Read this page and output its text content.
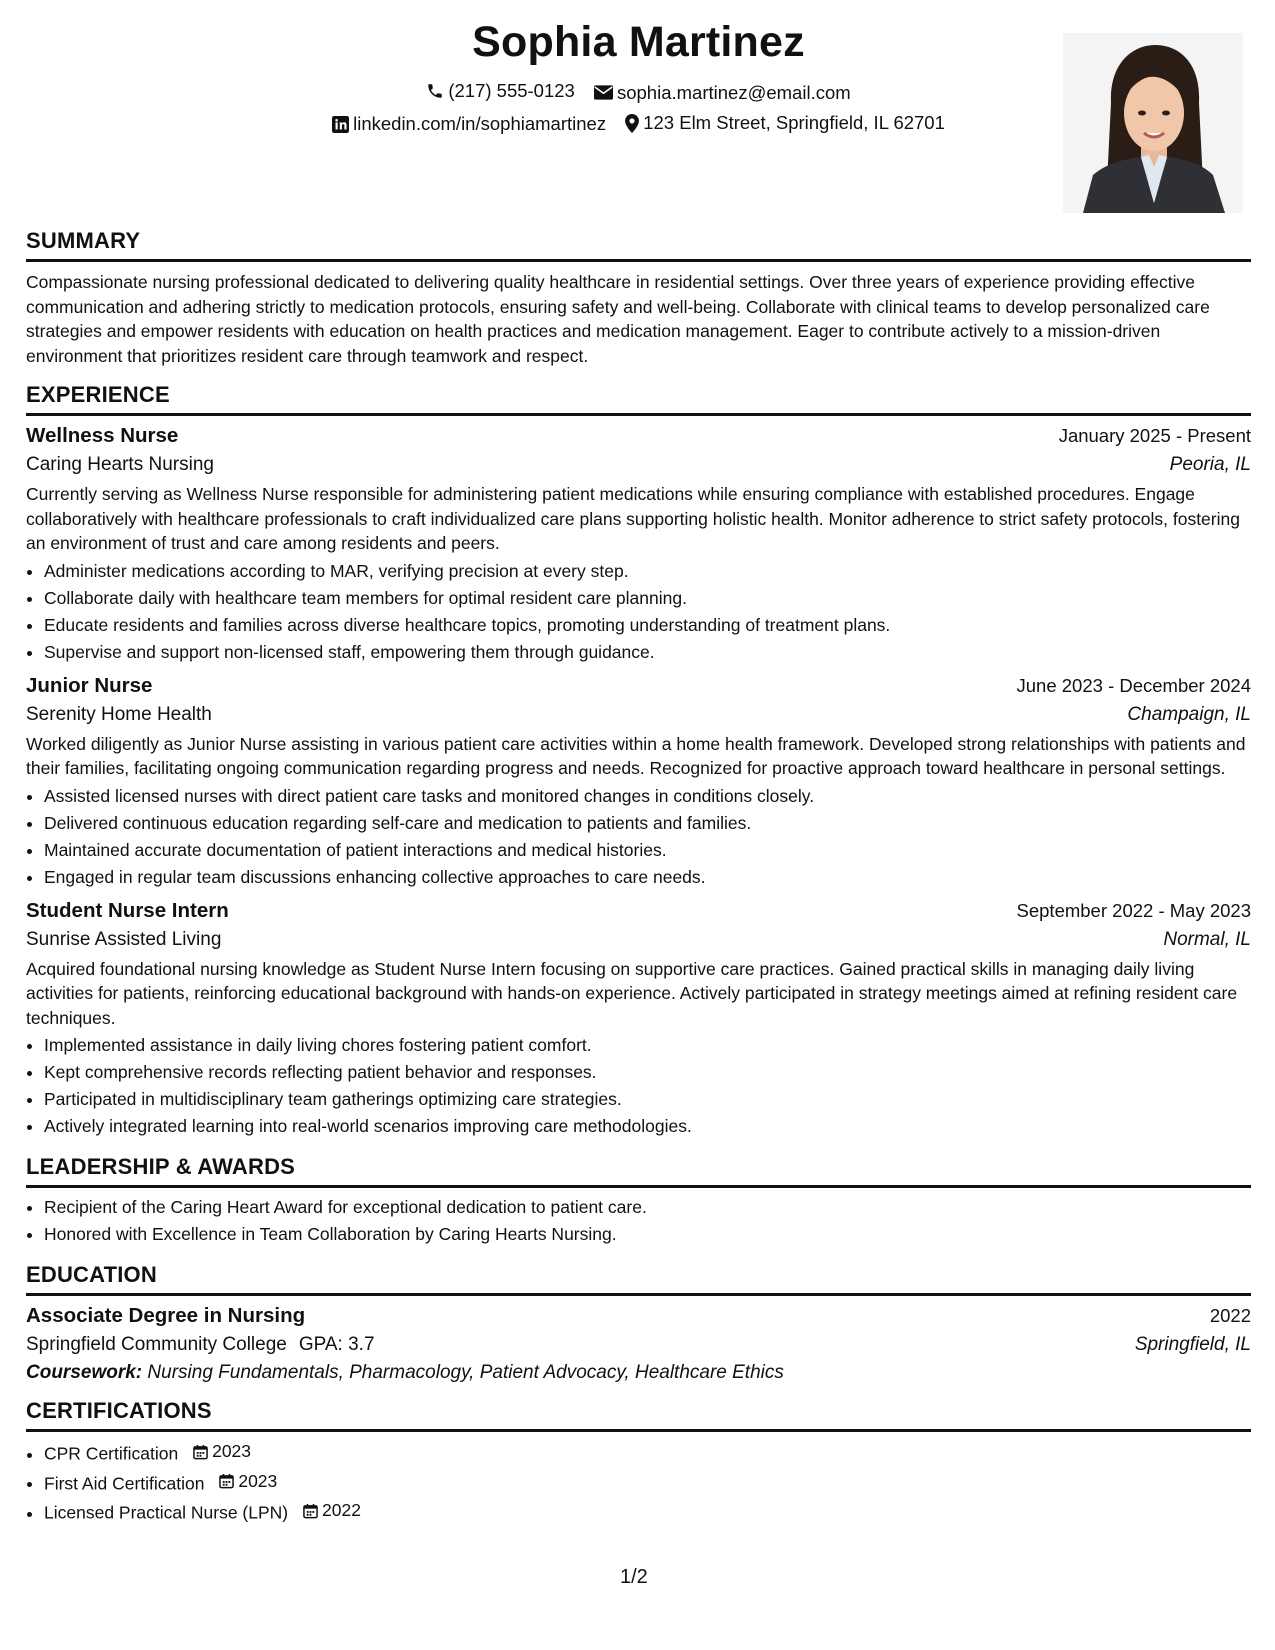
Sophia Martinez
(217) 555-0123
sophia.martinez@email.com
linkedin.com/in/sophiamartinez
123 Elm Street, Springfield, IL 62701
SUMMARY
Compassionate nursing professional dedicated to delivering quality healthcare in residential settings. Over three years of experience providing effective communication and adhering strictly to medication protocols, ensuring safety and well-being. Collaborate with clinical teams to develop personalized care strategies and empower residents with education on health practices and medication management. Eager to contribute actively to a mission-driven environment that prioritizes resident care through teamwork and respect.
EXPERIENCE
Wellness Nurse	January 2025 - Present
Caring Hearts Nursing	Peoria, IL
Currently serving as Wellness Nurse responsible for administering patient medications while ensuring compliance with established procedures. Engage collaboratively with healthcare professionals to craft individualized care plans supporting holistic health. Monitor adherence to strict safety protocols, fostering an environment of trust and care among residents and peers.
• Administer medications according to MAR, verifying precision at every step.
• Collaborate daily with healthcare team members for optimal resident care planning.
• Educate residents and families across diverse healthcare topics, promoting understanding of treatment plans.
• Supervise and support non-licensed staff, empowering them through guidance.
Junior Nurse	June 2023 - December 2024
Serenity Home Health	Champaign, IL
Worked diligently as Junior Nurse assisting in various patient care activities within a home health framework. Developed strong relationships with patients and their families, facilitating ongoing communication regarding progress and needs. Recognized for proactive approach toward healthcare in personal settings.
• Assisted licensed nurses with direct patient care tasks and monitored changes in conditions closely.
• Delivered continuous education regarding self-care and medication to patients and families.
• Maintained accurate documentation of patient interactions and medical histories.
• Engaged in regular team discussions enhancing collective approaches to care needs.
Student Nurse Intern	September 2022 - May 2023
Sunrise Assisted Living	Normal, IL
Acquired foundational nursing knowledge as Student Nurse Intern focusing on supportive care practices. Gained practical skills in managing daily living activities for patients, reinforcing educational background with hands-on experience. Actively participated in strategy meetings aimed at refining resident care techniques.
• Implemented assistance in daily living chores fostering patient comfort.
• Kept comprehensive records reflecting patient behavior and responses.
• Participated in multidisciplinary team gatherings optimizing care strategies.
• Actively integrated learning into real-world scenarios improving care methodologies.
LEADERSHIP & AWARDS
• Recipient of the Caring Heart Award for exceptional dedication to patient care.
• Honored with Excellence in Team Collaboration by Caring Hearts Nursing.
EDUCATION
Associate Degree in Nursing	2022
Springfield Community College GPA: 3.7	Springfield, IL
Coursework: Nursing Fundamentals, Pharmacology, Patient Advocacy, Healthcare Ethics
CERTIFICATIONS
• CPR Certification 2023
• First Aid Certification 2023
• Licensed Practical Nurse (LPN) 2022
1/2
